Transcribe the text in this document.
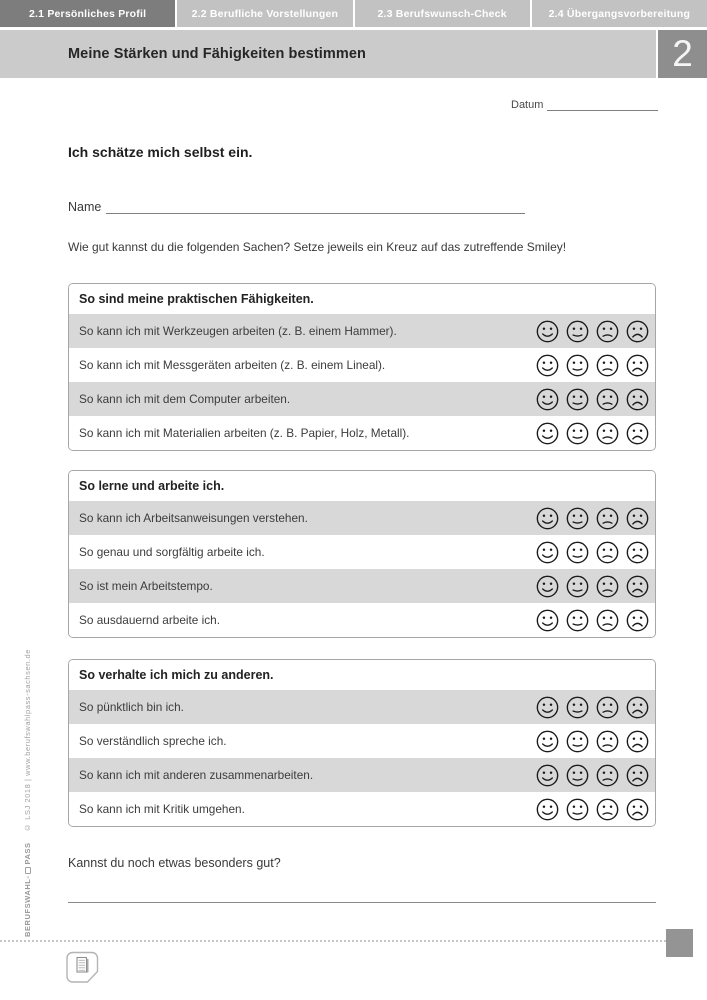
2.1 Persönliches Profil	2.2 Berufliche Vorstellungen	2.3 Berufswunsch-Check	2.4 Übergangsvorbereitung
Meine Stärken und Fähigkeiten bestimmen	2
Datum
Ich schätze mich selbst ein.
Name

Wie gut kannst du die folgenden Sachen? Setze jeweils ein Kreuz auf das zutreffende Smiley!

So sind meine praktischen Fähigkeiten.
So kann ich mit Werkzeugen arbeiten (z. B. einem Hammer).
So kann ich mit Messgeräten arbeiten (z. B. einem Lineal).
So kann ich mit dem Computer arbeiten.
So kann ich mit Materialien arbeiten (z. B. Papier, Holz, Metall).
So lerne und arbeite ich.
So kann ich Arbeitsanweisungen verstehen.
So genau und sorgfältig arbeite ich.
So ist mein Arbeitstempo.
So ausdauernd arbeite ich.
So verhalte ich mich zu anderen.
So pünktlich bin ich.
So verständlich spreche ich.
So kann ich mit anderen zusammenarbeiten.
So kann ich mit Kritik umgehen.

Kannst du noch etwas besonders gut?

BERUFSWAHL-PASS    © LSJ 2018 | www.berufswahlpass-sachsen.de
